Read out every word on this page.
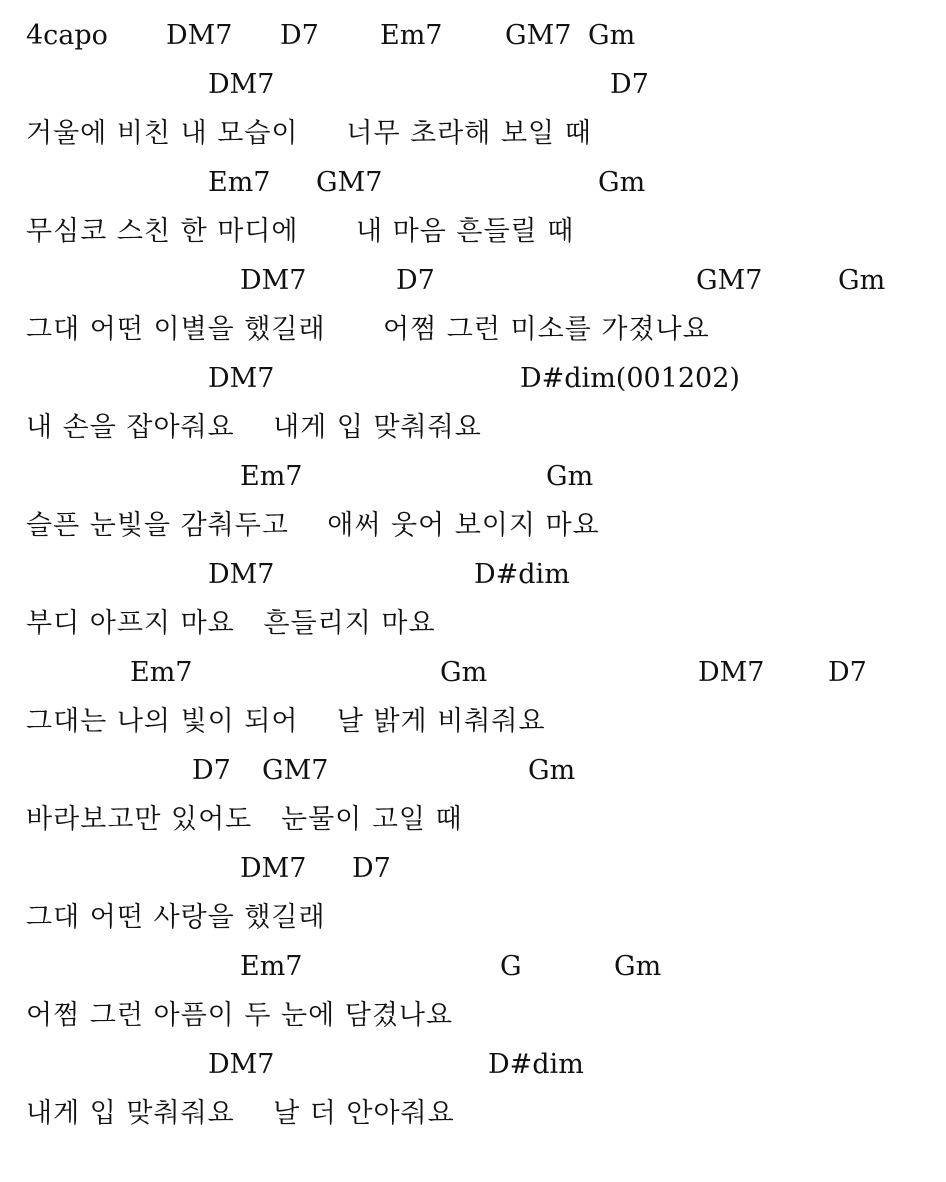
4capo DM7 D7 Em7 GM7 Gm
DM7	D7
거울에 비친 내 모습이     너무 초라해 보일 때
Em7 GM7	Gm
무심코 스친 한 마디에      내 마음 흔들릴 때
DM7	D7	GM7	Gm
그대 어떤 이별을 했길래      어쩜 그런 미소를 가졌나요
DM7	D#dim(001202)
내 손을 잡아줘요    내게 입 맞춰줘요
Em7	Gm
슬픈 눈빛을 감춰두고    애써 웃어 보이지 마요
DM7	D#dim
부디 아프지 마요   흔들리지 마요
Em7	Gm	DM7 D7
그대는 나의 빛이 되어    날 밝게 비춰줘요
D7 GM7	Gm
바라보고만 있어도   눈물이 고일 때
DM7 D7
그대 어떤 사랑을 했길래
Em7	G	Gm
어쩜 그런 아픔이 두 눈에 담겼나요
DM7	D#dim
내게 입 맞춰줘요    날 더 안아줘요
